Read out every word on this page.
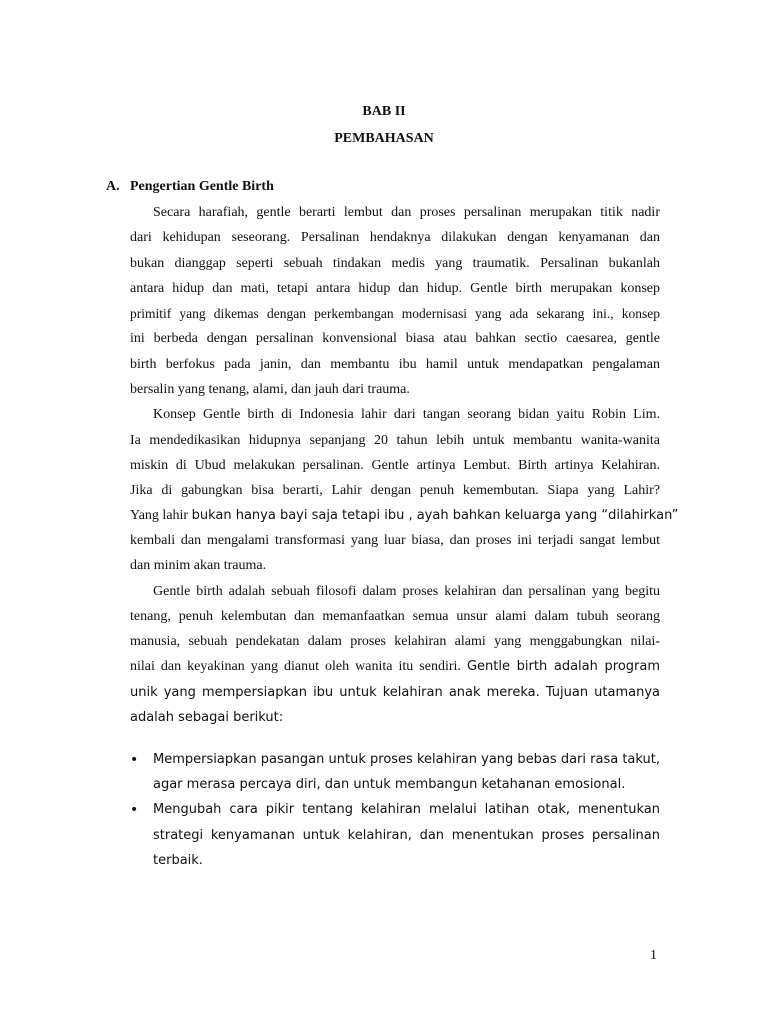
BAB II
PEMBAHASAN
A. Pengertian Gentle Birth
Secara harafiah, gentle berarti lembut dan proses persalinan merupakan titik nadir
dari kehidupan seseorang. Persalinan hendaknya dilakukan dengan kenyamanan dan
bukan dianggap seperti sebuah tindakan medis yang traumatik. Persalinan bukanlah
antara hidup dan mati, tetapi antara hidup dan hidup. Gentle birth merupakan konsep
primitif yang dikemas dengan perkembangan modernisasi yang ada sekarang ini., konsep
ini berbeda dengan persalinan konvensional biasa atau bahkan sectio caesarea, gentle
birth berfokus pada janin, dan membantu ibu hamil untuk mendapatkan pengalaman
bersalin yang tenang, alami, dan jauh dari trauma.
Konsep Gentle birth di Indonesia lahir dari tangan seorang bidan yaitu Robin Lim.
Ia mendedikasikan hidupnya sepanjang 20 tahun lebih untuk membantu wanita-wanita
miskin di Ubud melakukan persalinan. Gentle artinya Lembut. Birth artinya Kelahiran.
Jika di gabungkan bisa berarti, Lahir dengan penuh kemembutan. Siapa yang Lahir?
Yang lahir bukan hanya bayi saja tetapi ibu , ayah bahkan keluarga yang “dilahirkan”
kembali dan mengalami transformasi yang luar biasa, dan proses ini terjadi sangat lembut
dan minim akan trauma.
Gentle birth adalah sebuah filosofi dalam proses kelahiran dan persalinan yang begitu
tenang, penuh kelembutan dan memanfaatkan semua unsur alami dalam tubuh seorang
manusia, sebuah pendekatan dalam proses kelahiran alami yang menggabungkan nilai-
nilai dan keyakinan yang dianut oleh wanita itu sendiri. Gentle birth adalah program
unik yang mempersiapkan ibu untuk kelahiran anak mereka. Tujuan utamanya
adalah sebagai berikut:
• Mempersiapkan pasangan untuk proses kelahiran yang bebas dari rasa takut,
agar merasa percaya diri, dan untuk membangun ketahanan emosional.
• Mengubah cara pikir tentang kelahiran melalui latihan otak, menentukan
strategi kenyamanan untuk kelahiran, dan menentukan proses persalinan
terbaik.
1
